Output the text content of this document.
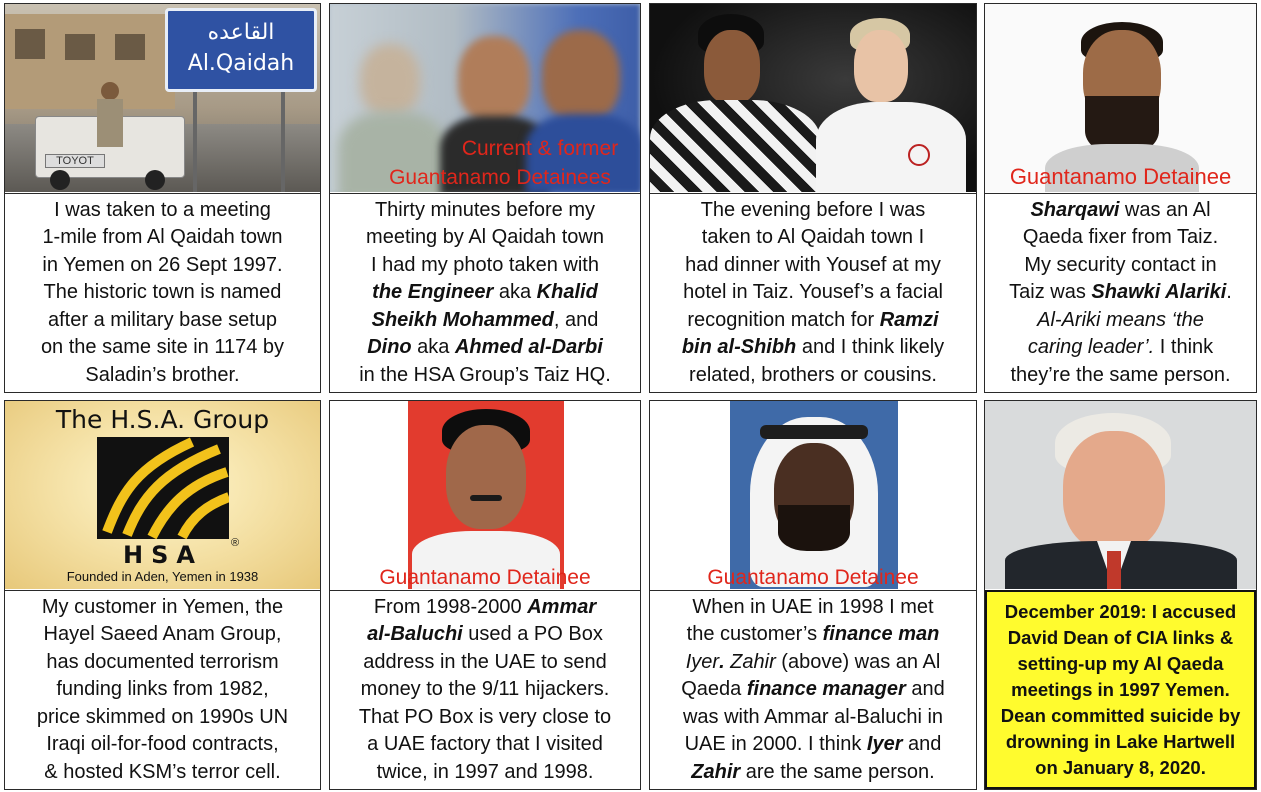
TOYOT
القاعده
Al.Qaidah
I was taken to a meeting
1-mile from Al Qaidah town
in Yemen on 26 Sept 1997.
The historic town is named
after a military base setup
on the same site in 1174 by
Saladin’s brother.
Current & former
Guantanamo Detainees
Thirty minutes before my
meeting by Al Qaidah town
I had my photo taken with
the Engineer aka Khalid
Sheikh Mohammed, and
Dino aka Ahmed al-Darbi
in the HSA Group’s Taiz HQ.
The evening before I was
taken to Al Qaidah town I
had dinner with Yousef at my
hotel in Taiz. Yousef’s a facial
recognition match for Ramzi
bin al-Shibh and I think likely
related, brothers or cousins.
Guantanamo Detainee
Sharqawi was an Al
Qaeda fixer from Taiz.
My security contact in
Taiz was Shawki Alariki.
Al-Ariki means ‘the
caring leader’. I think
they’re the same person.
The H.S.A. Group
HSA	®
Founded in Aden, Yemen in 1938
My customer in Yemen, the
Hayel Saeed Anam Group,
has documented terrorism
funding links from 1982,
price skimmed on 1990s UN
Iraqi oil-for-food contracts,
& hosted KSM’s terror cell.
Guantanamo Detainee
From 1998-2000 Ammar
al-Baluchi used a PO Box
address in the UAE to send
money to the 9/11 hijackers.
That PO Box is very close to
a UAE factory that I visited
twice, in 1997 and 1998.
Guantanamo Detainee
When in UAE in 1998 I met
the customer’s finance man
Iyer. Zahir (above) was an Al
Qaeda finance manager and
was with Ammar al-Baluchi in
UAE in 2000. I think Iyer and
Zahir are the same person.
December 2019: I accused
David Dean of CIA links &
setting-up my Al Qaeda
meetings in 1997 Yemen.
Dean committed suicide by
drowning in Lake Hartwell
on January 8, 2020.
